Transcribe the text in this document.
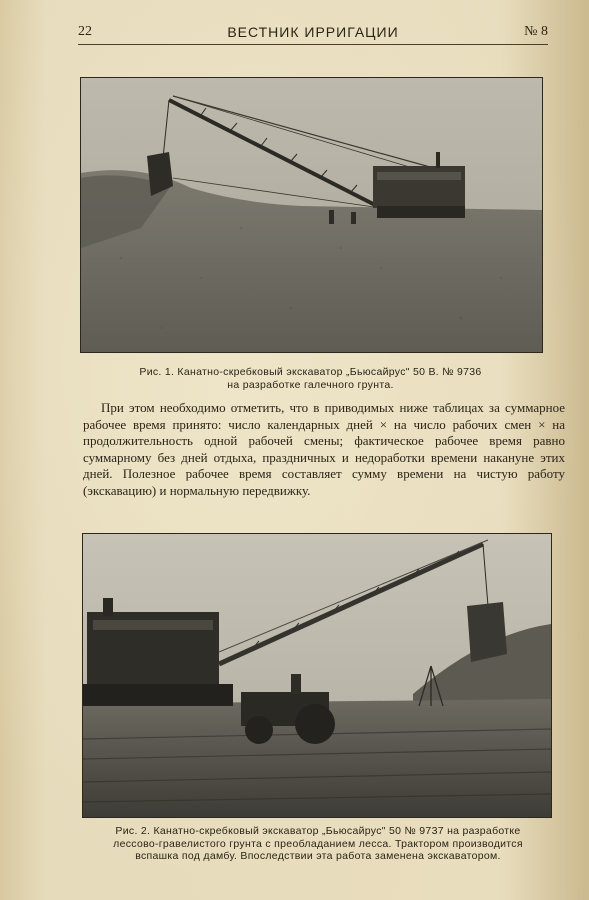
22	ВЕСТНИК ИРРИГАЦИИ	№ 8
Рис. 1. Канатно-скребковый экскаватор „Бьюсайрус" 50 В. № 9736
на разработке галечного грунта.

При этом необходимо отметить, что в приводимых ниже таблицах за суммарное рабочее время принято: число календарных дней × на число рабочих смен × на продолжительность одной рабочей смены; фактическое рабочее время равно суммарному без дней отдыха, праздничных и недоработки времени накануне этих дней. Полезное рабочее время составляет сумму времени на чистую работу (экскавацию) и нормальную передвижку.

Рис. 2. Канатно-скребковый экскаватор „Бьюсайрус" 50 № 9737 на разработке
лессово-гравелистого грунта с преобладанием лесса. Трактором производится
вспашка под дамбу. Впоследствии эта работа заменена экскаватором.
